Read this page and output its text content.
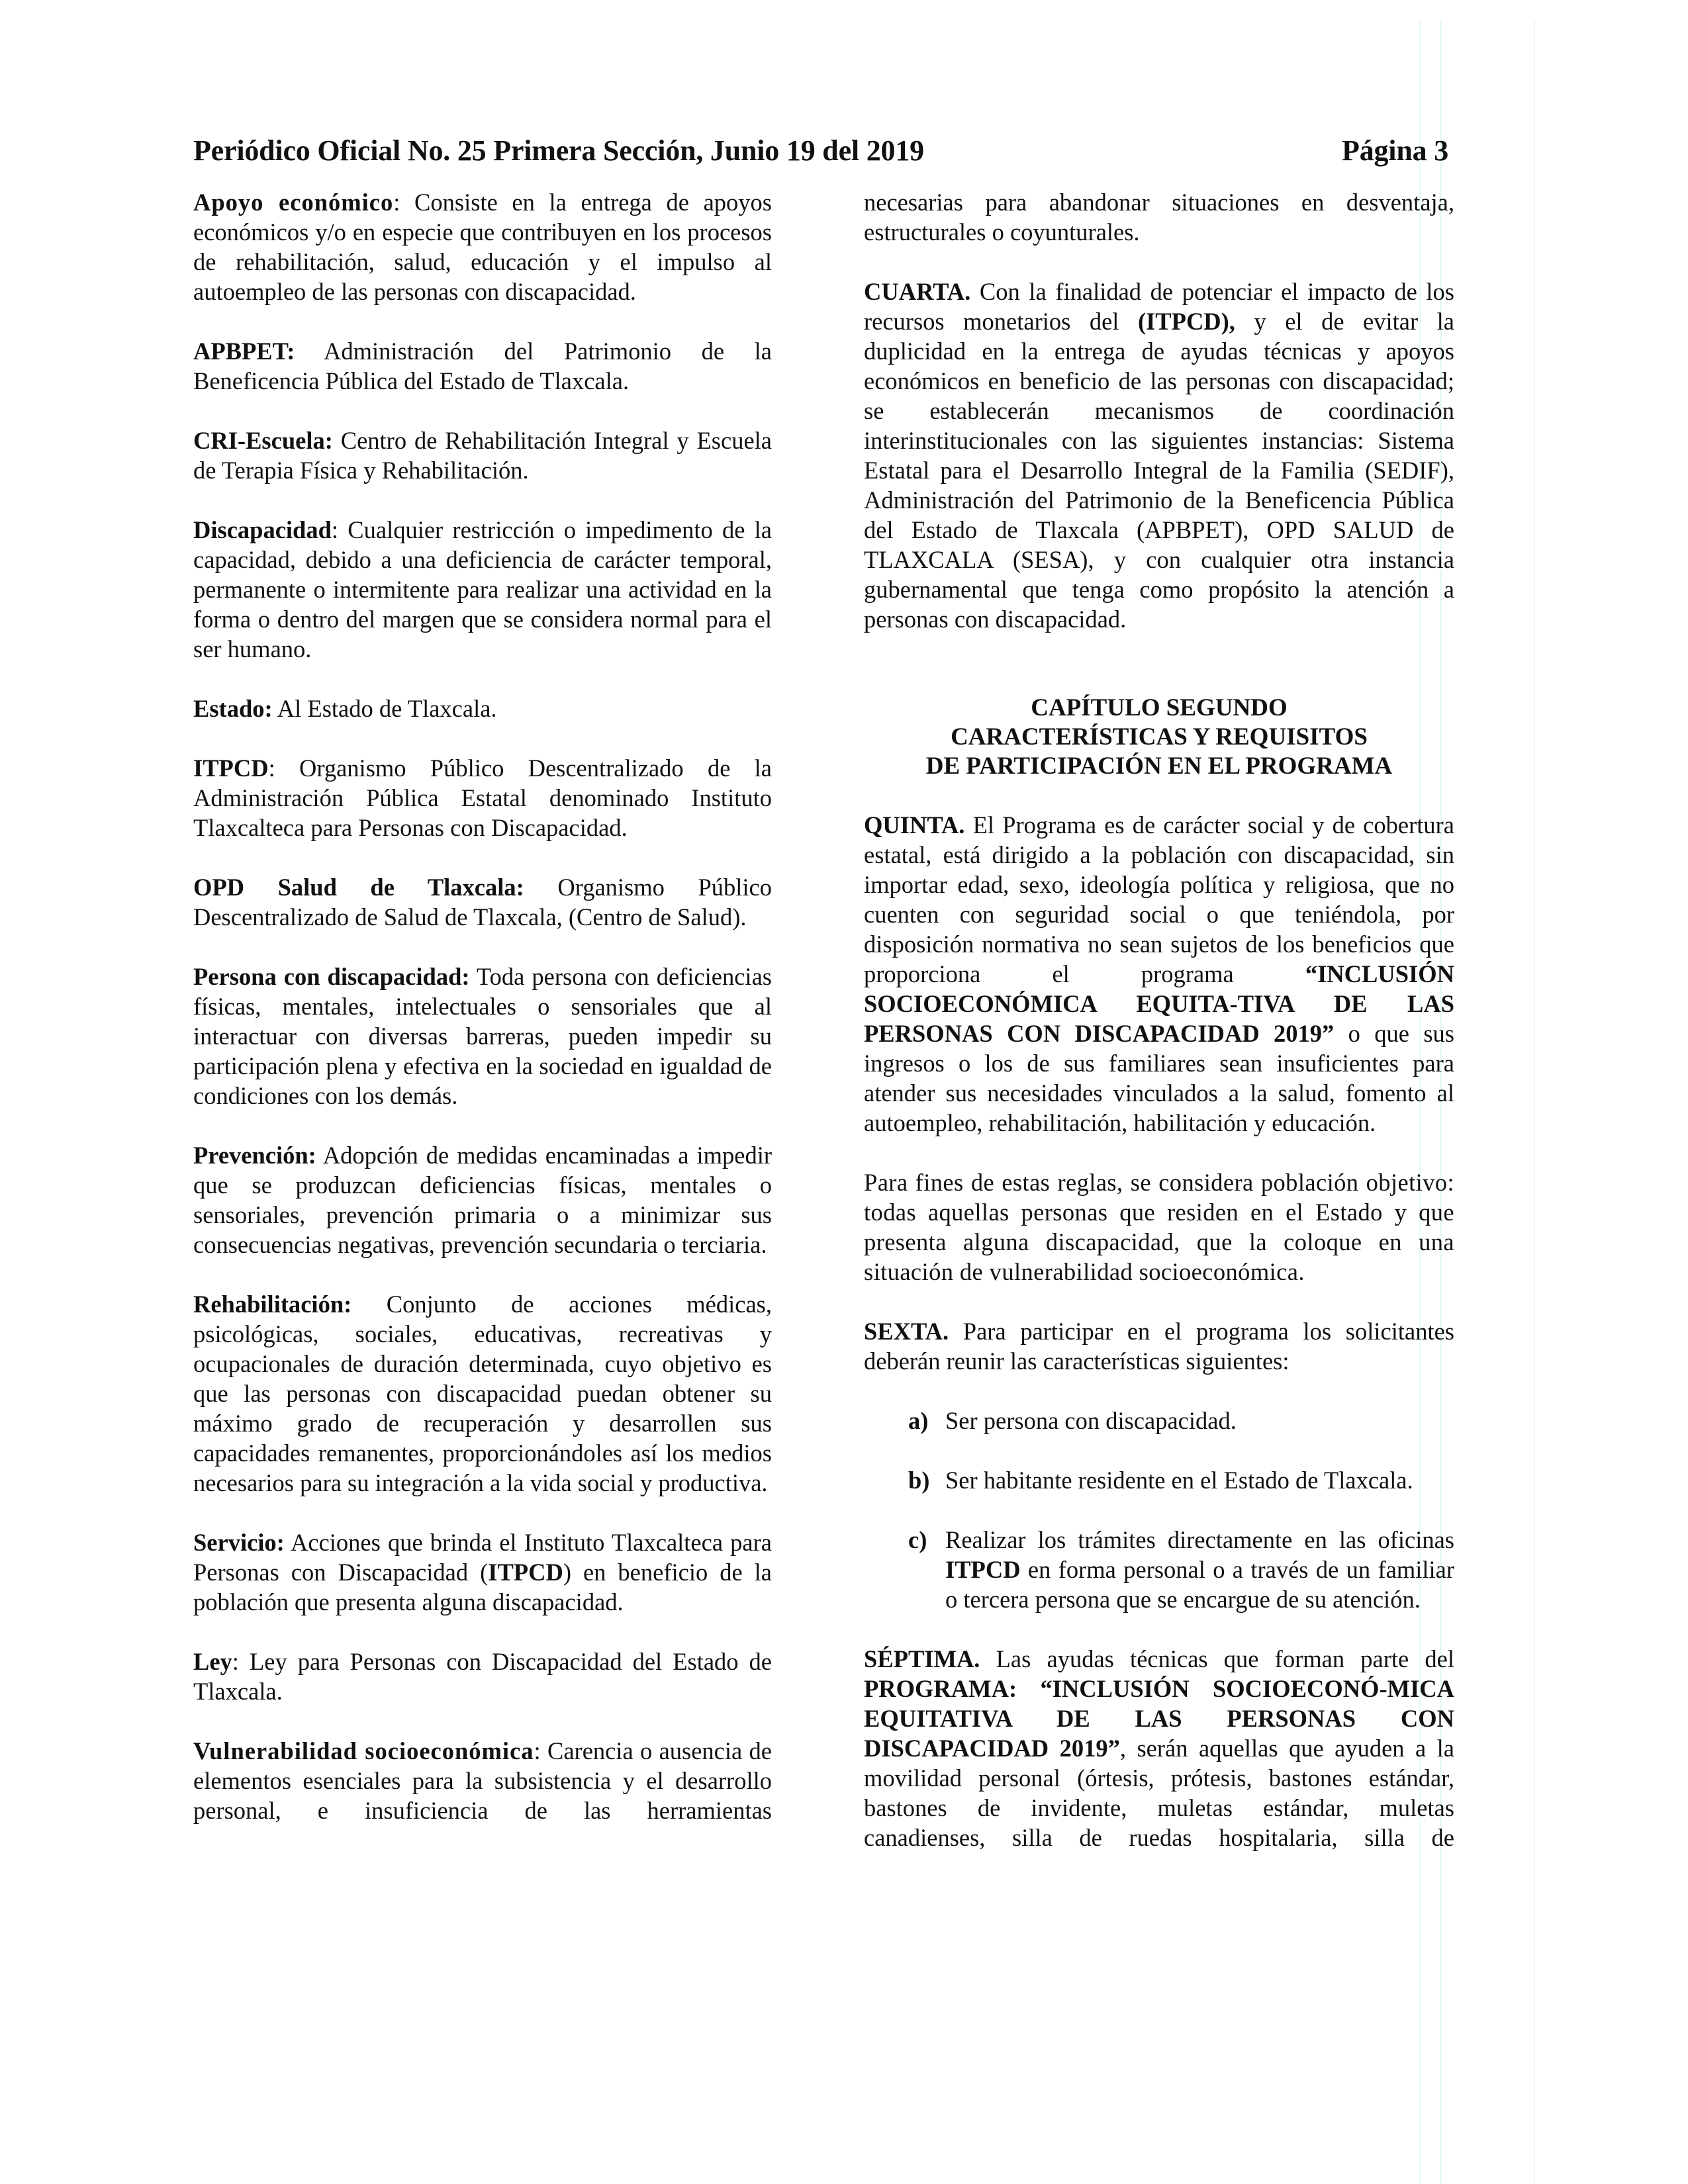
Periódico Oficial No. 25 Primera Sección, Junio 19 del 2019	Página 3

Apoyo económico: Consiste en la entrega de apoyos económicos y/o en especie que contribuyen en los procesos de rehabilitación, salud, educación y el impulso al autoempleo de las personas con discapacidad.

APBPET: Administración del Patrimonio de la Beneficencia Pública del Estado de Tlaxcala.

CRI-Escuela: Centro de Rehabilitación Integral y Escuela de Terapia Física y Rehabilitación.

Discapacidad: Cualquier restricción o impedimento de la capacidad, debido a una deficiencia de carácter temporal, permanente o intermitente para realizar una actividad en la forma o dentro del margen que se considera normal para el ser humano.

Estado: Al Estado de Tlaxcala.

ITPCD: Organismo Público Descentralizado de la Administración Pública Estatal denominado Instituto Tlaxcalteca para Personas con Discapacidad.

OPD Salud de Tlaxcala: Organismo Público Descentralizado de Salud de Tlaxcala, (Centro de Salud).

Persona con discapacidad: Toda persona con deficiencias físicas, mentales, intelectuales o sensoriales que al interactuar con diversas barreras, pueden impedir su participación plena y efectiva en la sociedad en igualdad de condiciones con los demás.

Prevención: Adopción de medidas encaminadas a impedir que se produzcan deficiencias físicas, mentales o sensoriales, prevención primaria o a minimizar sus consecuencias negativas, prevención secundaria o terciaria.

Rehabilitación: Conjunto de acciones médicas, psicológicas, sociales, educativas, recreativas y ocupacionales de duración determinada, cuyo objetivo es que las personas con discapacidad puedan obtener su máximo grado de recuperación y desarrollen sus capacidades remanentes, proporcionándoles así los medios necesarios para su integración a la vida social y productiva.

Servicio: Acciones que brinda el Instituto Tlaxcalteca para Personas con Discapacidad (ITPCD) en beneficio de la población que presenta alguna discapacidad.

Ley: Ley para Personas con Discapacidad del Estado de Tlaxcala.

Vulnerabilidad socioeconómica: Carencia o ausencia de elementos esenciales para la subsistencia y el desarrollo personal, e insuficiencia de las herramientas

necesarias para abandonar situaciones en desventaja, estructurales o coyunturales.

CUARTA. Con la finalidad de potenciar el impacto de los recursos monetarios del (ITPCD), y el de evitar la duplicidad en la entrega de ayudas técnicas y apoyos económicos en beneficio de las personas con discapacidad; se establecerán mecanismos de coordinación interinstitucionales con las siguientes instancias: Sistema Estatal para el Desarrollo Integral de la Familia (SEDIF), Administración del Patrimonio de la Beneficencia Pública del Estado de Tlaxcala (APBPET), OPD SALUD de TLAXCALA (SESA), y con cualquier otra instancia gubernamental que tenga como propósito la atención a personas con discapacidad.

CAPÍTULO SEGUNDO
CARACTERÍSTICAS Y REQUISITOS
DE PARTICIPACIÓN EN EL PROGRAMA

QUINTA. El Programa es de carácter social y de cobertura estatal, está dirigido a la población con discapacidad, sin importar edad, sexo, ideología política y religiosa, que no cuenten con seguridad social o que teniéndola, por disposición normativa no sean sujetos de los beneficios que proporciona el programa “INCLUSIÓN SOCIOECONÓMICA EQUITA-TIVA DE LAS PERSONAS CON DISCAPACIDAD 2019” o que sus ingresos o los de sus familiares sean insuficientes para atender sus necesidades vinculados a la salud, fomento al autoempleo, rehabilitación, habilitación y educación.

Para fines de estas reglas, se considera población objetivo: todas aquellas personas que residen en el Estado y que presenta alguna discapacidad, que la coloque en una situación de vulnerabilidad socioeconómica.

SEXTA. Para participar en el programa los solicitantes deberán reunir las características siguientes:

a) Ser persona con discapacidad.
b) Ser habitante residente en el Estado de Tlaxcala.
c) Realizar los trámites directamente en las oficinas ITPCD en forma personal o a través de un familiar o tercera persona que se encargue de su atención.

SÉPTIMA. Las ayudas técnicas que forman parte del PROGRAMA: “INCLUSIÓN SOCIOECONÓ-MICA EQUITATIVA DE LAS PERSONAS CON DISCAPACIDAD 2019”, serán aquellas que ayuden a la movilidad personal (órtesis, prótesis, bastones estándar, bastones de invidente, muletas estándar, muletas canadienses, silla de ruedas hospitalaria, silla de
